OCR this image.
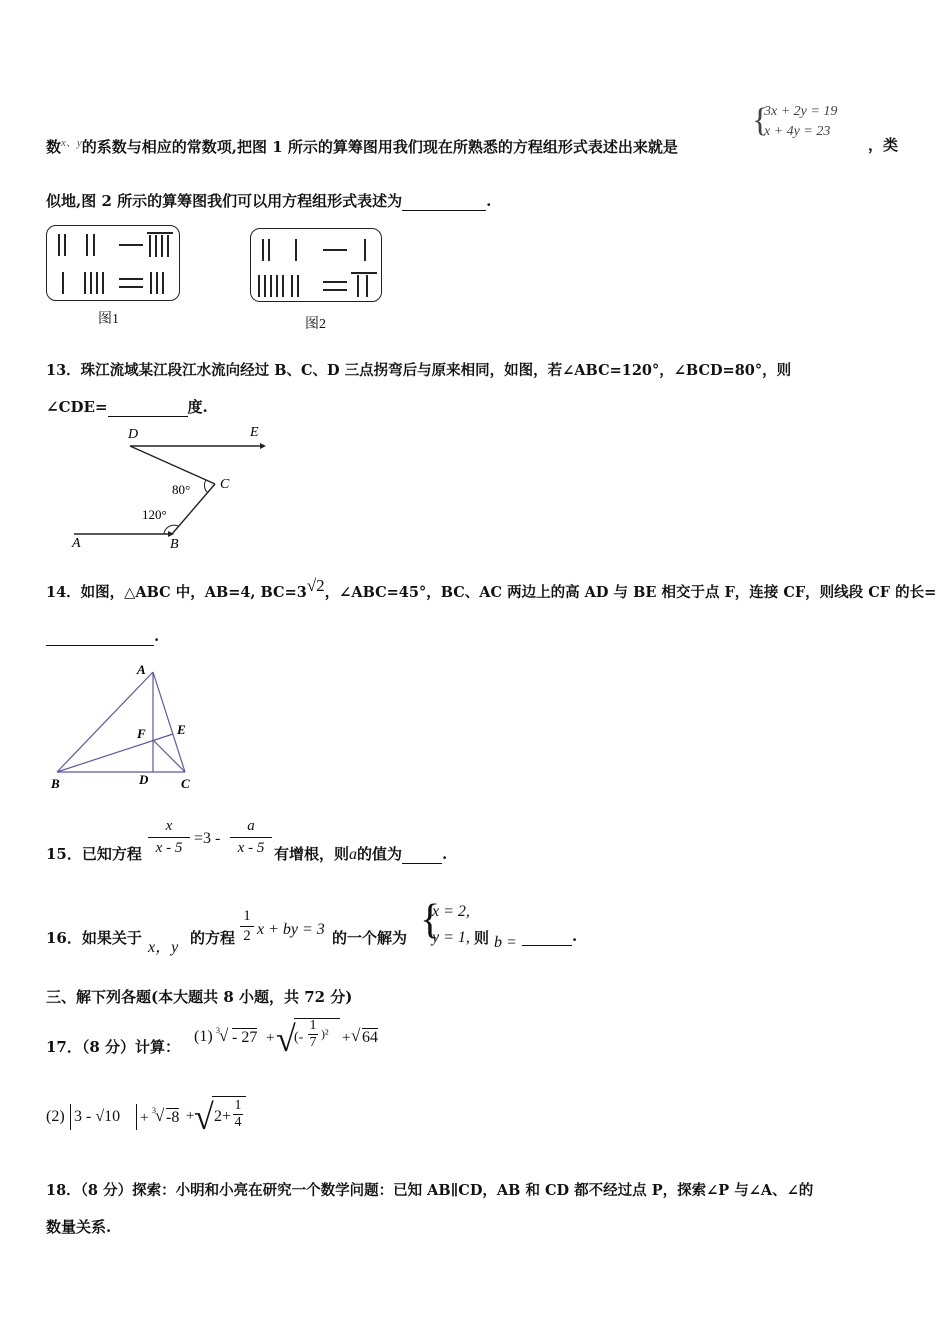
数$^{x、y}$的系数与相应的常数项,把图 1 所示的算筹图用我们现在所熟悉的方程组形式表述出来就是
{
3x + 2y = 19
x + 4y = 23
，类
似地,图 2 所示的算筹图我们可以用方程组形式表述为	.
图1	图2
13．珠江流域某江段江水流向经过 B、C、D 三点拐弯后与原来相同，如图，若∠ABC=120°，∠BCD=80°，则
∠CDE=	度.
D	E
C
80°
120°
A	B
14．如图，△ABC 中，AB=4, $BC=3^{√2}$，∠ABC=45°，BC、AC 两边上的高 AD 与 BE 相交于点 F，连接 CF，则线段 CF 的长=
.
A
F E
B	D	C
15．已知方程
x
x - 5
=3 -
a
x - 5 有增根，则a的值为	.
16．如果关于
x，y
的方程
1
2 x + by = 3 的一个解为 {
x = 2,
y = 1, 则 b =	.
三、解下列各题(本大题共 8 小题，共 72 分)
17．（8 分）计算：
(1) 3 √ - 27 + √
(-
1
7
)² + √ 64
(2) 3 - √10 + 3 √ -8 + √ 2+
1
4
18．（8 分）探索：小明和小亮在研究一个数学问题：已知 AB∥CD，AB 和 CD 都不经过点 P，探索∠P 与∠A、∠的
数量关系.
